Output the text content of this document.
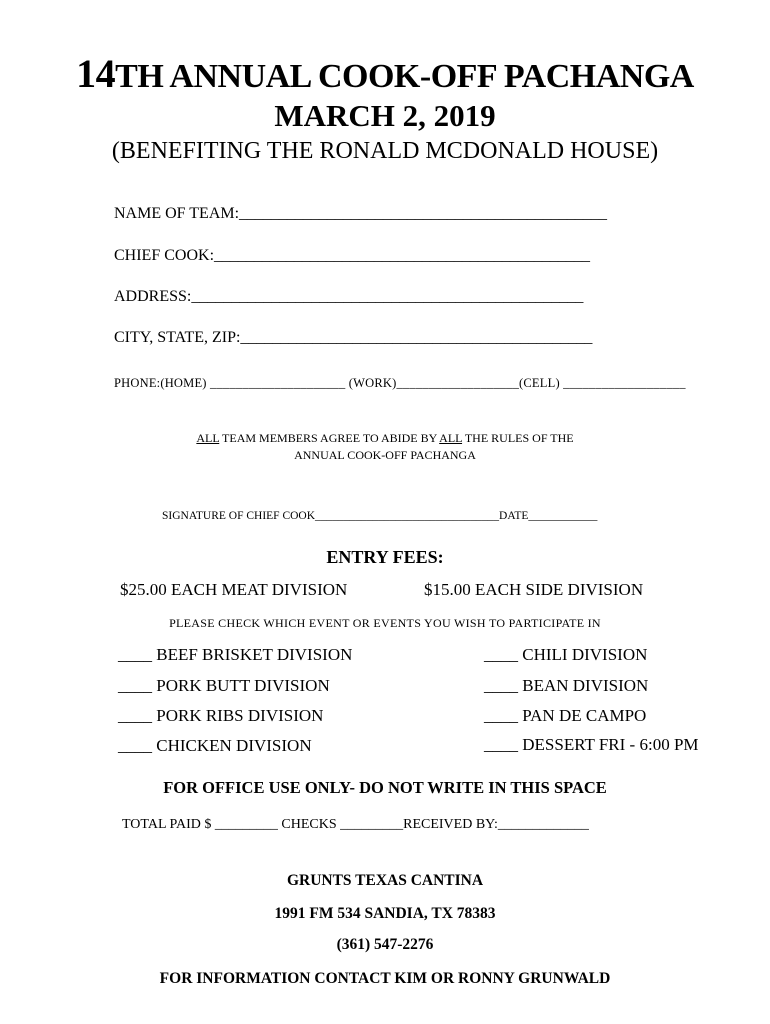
14TH ANNUAL COOK-OFF PACHANGA
MARCH 2, 2019
(BENEFITING THE RONALD MCDONALD HOUSE)
NAME OF TEAM:______________________________________________
CHIEF COOK:_______________________________________________
ADDRESS:_________________________________________________
CITY, STATE, ZIP:____________________________________________
PHONE:(HOME) _____________________ (WORK)___________________(CELL) ___________________
ALL TEAM MEMBERS AGREE TO ABIDE BY ALL THE RULES OF THE
ANNUAL COOK-OFF PACHANGA
SIGNATURE OF CHIEF COOK________________________________DATE____________
ENTRY FEES:
$25.00 EACH MEAT DIVISION	$15.00 EACH SIDE DIVISION
PLEASE CHECK WHICH EVENT OR EVENTS YOU WISH TO PARTICIPATE IN
____ BEEF BRISKET DIVISION
____ PORK BUTT DIVISION
____ PORK RIBS DIVISION
____ CHICKEN DIVISION
____ CHILI DIVISION
____ BEAN DIVISION
____ PAN DE CAMPO
____ DESSERT FRI - 6:00 PM
FOR OFFICE USE ONLY- DO NOT WRITE IN THIS SPACE
TOTAL PAID $ _________ CHECKS _________RECEIVED BY:_____________
GRUNTS TEXAS CANTINA
1991 FM 534 SANDIA, TX 78383
(361) 547-2276
FOR INFORMATION CONTACT KIM OR RONNY GRUNWALD
